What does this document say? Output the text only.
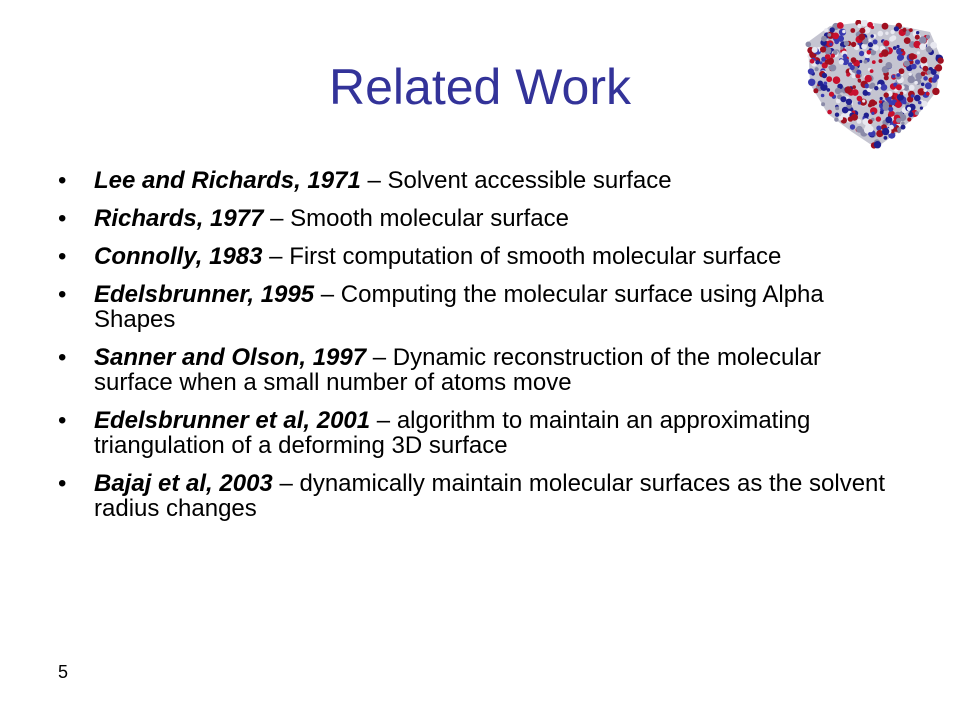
Related Work
• Lee and Richards, 1971 – Solvent accessible surface
• Richards, 1977 – Smooth molecular surface
• Connolly, 1983 – First computation of smooth molecular surface
• Edelsbrunner, 1995 – Computing the molecular surface using Alpha Shapes
• Sanner and Olson, 1997 – Dynamic reconstruction of the molecular surface when a small number of atoms move
• Edelsbrunner et al, 2001 – algorithm to maintain an approximating triangulation of a deforming 3D surface
• Bajaj et al, 2003 – dynamically maintain molecular surfaces as the solvent radius changes
5
